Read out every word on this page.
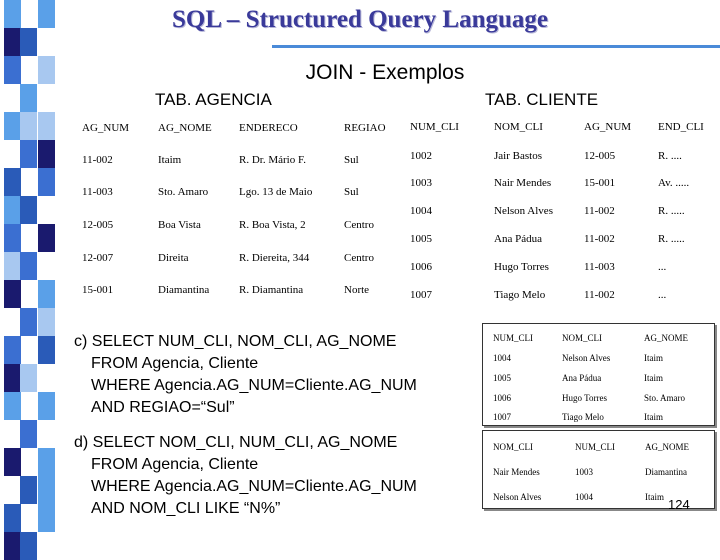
SQL – Structured Query Language
JOIN - Exemplos
TAB. AGENCIA	TAB. CLIENTE
AG_NUM	AG_NOME	ENDERECO	REGIAO
11-002	Itaim	R. Dr. Mário F.	Sul
11-003	Sto. Amaro	Lgo. 13 de Maio	Sul
12-005	Boa Vista	R. Boa Vista, 2	Centro
12-007	Direita	R. Diereita, 344	Centro
15-001	Diamantina	R. Diamantina	Norte
NUM_CLI	NOM_CLI	AG_NUM	END_CLI
1002	Jair Bastos	12-005	R. ....
1003	Nair Mendes	15-001	Av. .....
1004	Nelson Alves	11-002	R. .....
1005	Ana Pádua	11-002	R. .....
1006	Hugo Torres	11-003	...
1007	Tiago Melo	11-002	...
c) SELECT NUM_CLI, NOM_CLI, AG_NOME
FROM Agencia, Cliente
WHERE Agencia.AG_NUM=Cliente.AG_NUM
AND REGIAO=“Sul”
d) SELECT NOM_CLI, NUM_CLI, AG_NOME
FROM Agencia, Cliente
WHERE Agencia.AG_NUM=Cliente.AG_NUM
AND NOM_CLI LIKE “N%”
NUM_CLI	NOM_CLI	AG_NOME
1004	Nelson Alves	Itaim
1005	Ana Pádua	Itaim
1006	Hugo Torres	Sto. Amaro
1007	Tiago Melo	Itaim
NOM_CLI	NUM_CLI	AG_NOME
Nair Mendes	1003	Diamantina
Nelson Alves	1004	Itaim
124
